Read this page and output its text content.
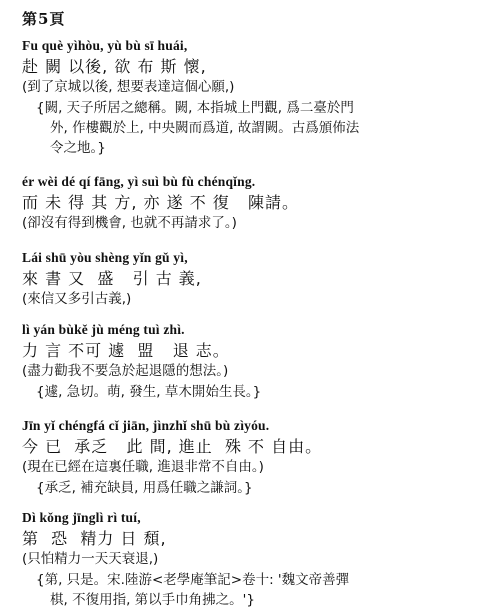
第5頁
Fu què yìhòu, yù bù sī huái,
赴 闕 以後, 欲 布 斯 懷,
(到了京城以後, 想要表達這個心願,)
{闕, 天子所居之總稱。闕, 本指城上門觀, 爲二臺於門
外, 作樓觀於上, 中央闕而爲道, 故謂闕。古爲頒佈法
令之地。}
ér wèi dé qí fāng, yì suì bù fù chénqǐng.
而 未 得 其 方, 亦 遂 不 復   陳請。
(卻沒有得到機會, 也就不再請求了。)
Lái shū yòu shèng yǐn gǔ yì,
來 書 又  盛   引 古 義,
(來信又多引古義,)
lì yán bùkě jù méng tuì zhì.
力 言 不可 遽  盟   退 志。
(盡力勸我不要急於起退隱的想法。)
{遽, 急切。萌, 發生, 草木開始生長。}
Jīn yǐ chéngfá cǐ jiān, jìnzhǐ shū bù zìyóu.
今 已  承乏   此 間, 進止  殊 不 自由。
(現在已經在這裏任職, 進退非常不自由。)
{承乏, 補充缺員, 用爲任職之謙詞。}
Dì kǒng jīnglì rì tuí,
第  恐  精力 日 頹,
(只怕精力一天天衰退,)
{第, 只是。宋.陸游<老學庵筆記>卷十: '魏文帝善彈
棋, 不復用指, 第以手巾角拂之。'}
